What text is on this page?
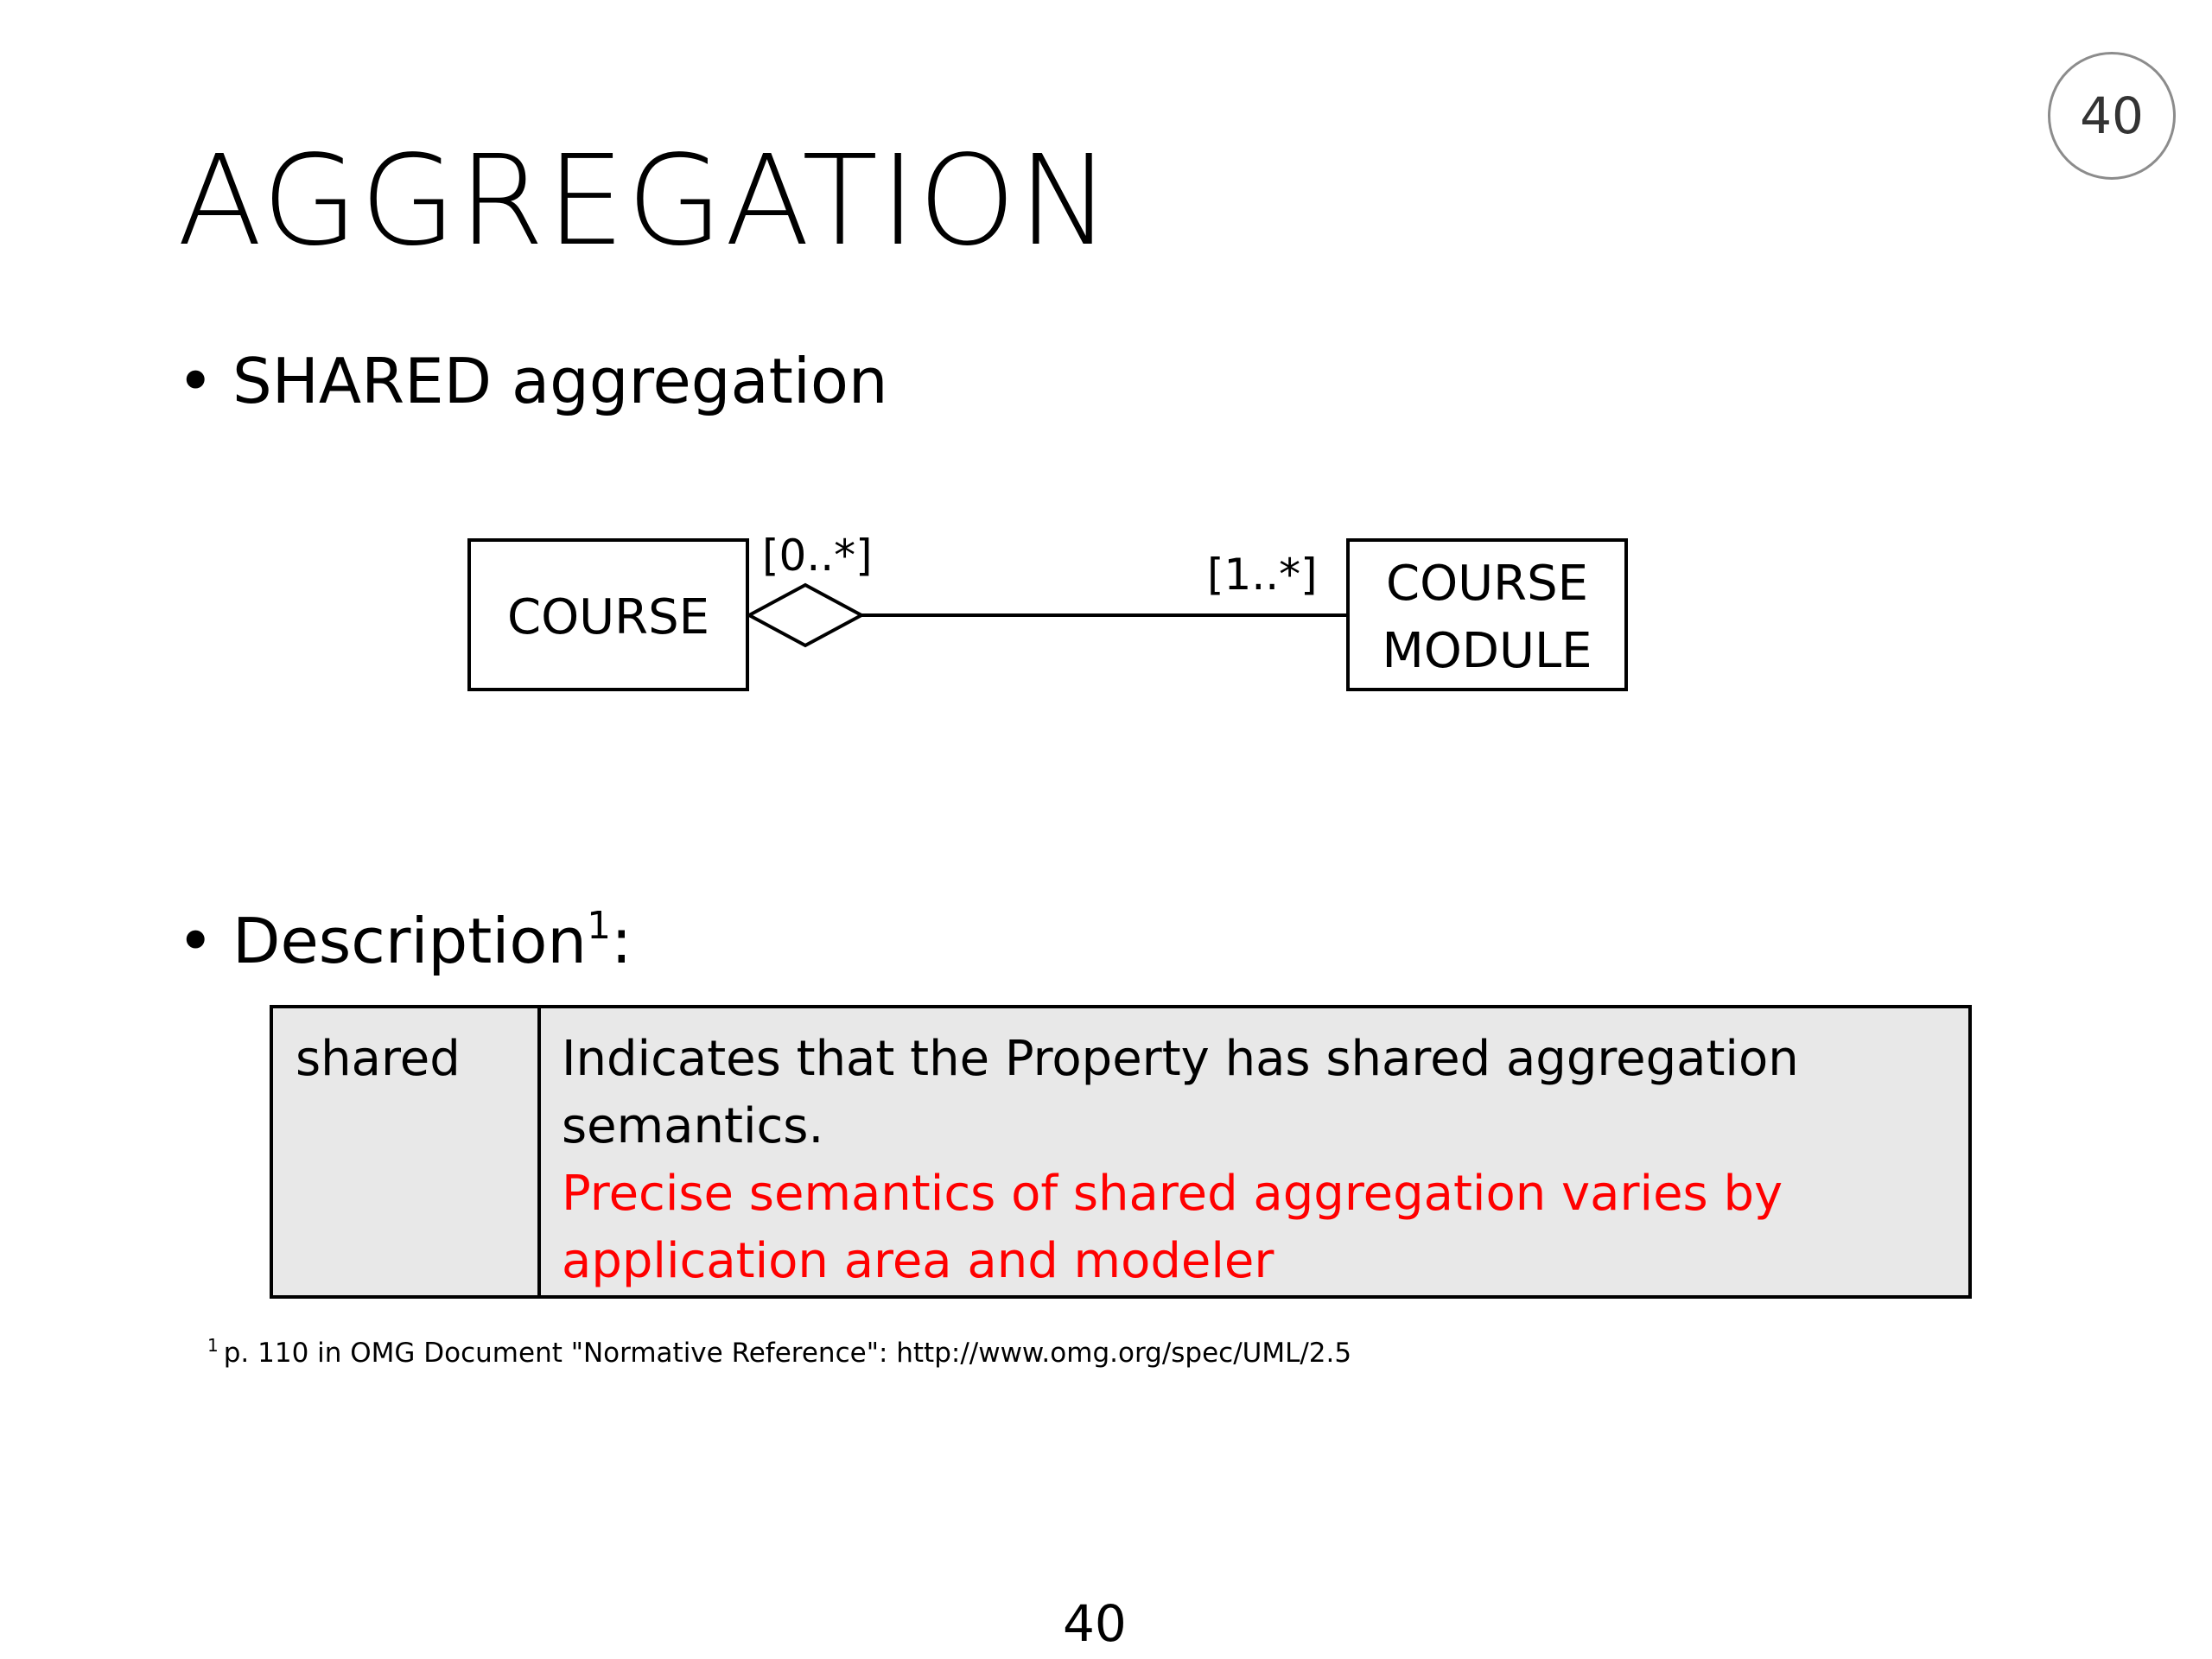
40
AGGREGATION
• SHARED aggregation
COURSE
COURSE
MODULE
[0..*]	[1..*]
• Description$^1$:
shared	Indicates that the Property has shared aggregation
semantics.
Precise semantics of shared aggregation varies by
application area and modeler
$^1$ p. 110 in OMG Document "Normative Reference": http://www.omg.org/spec/UML/2.5
40
